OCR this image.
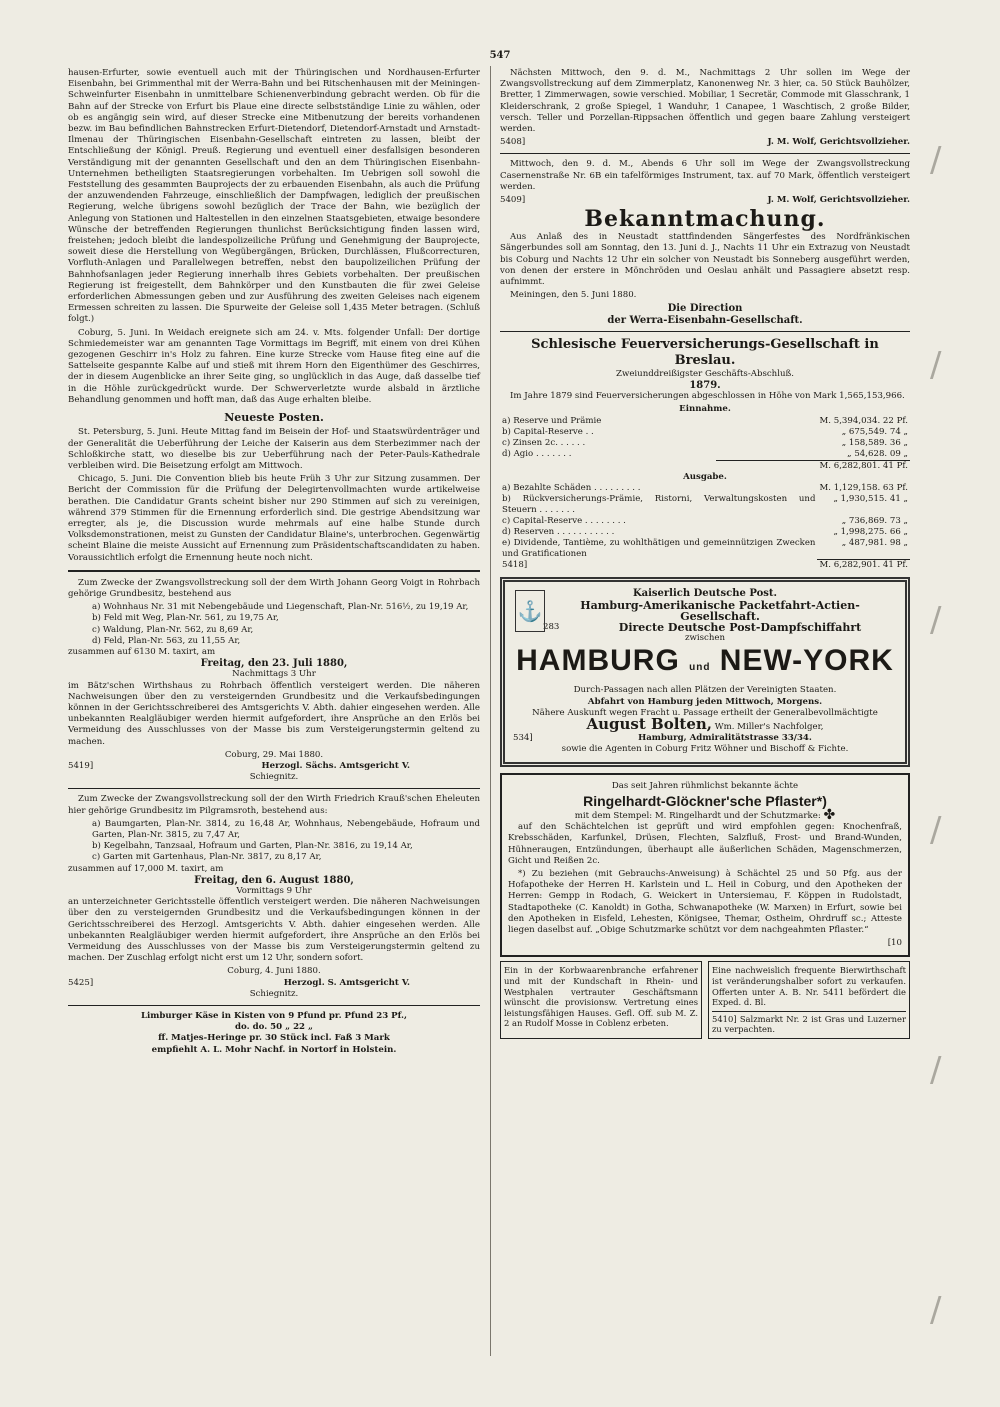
547

hausen-Erfurter, sowie eventuell auch mit der Thüringischen und Nordhausen-Erfurter Eisenbahn, bei Grimmenthal mit der Werra-Bahn und bei Ritschenhausen mit der Meiningen-Schweinfurter Eisenbahn in unmittelbare Schienenverbindung gebracht werden. Ob für die Bahn auf der Strecke von Erfurt bis Plaue eine directe selbstständige Linie zu wählen, oder ob es angängig sein wird, auf dieser Strecke eine Mitbenutzung der bereits vorhandenen bezw. im Bau befindlichen Bahnstrecken Erfurt-Dietendorf, Dietendorf-Arnstadt und Arnstadt-Ilmenau der Thüringischen Eisenbahn-Gesellschaft eintreten zu lassen, bleibt der Entschließung der Königl. Preuß. Regierung und eventuell einer desfallsigen besonderen Verständigung mit der genannten Gesellschaft und den an dem Thüringischen Eisenbahn-Unternehmen betheiligten Staatsregierungen vorbehalten. Im Uebrigen soll sowohl die Feststellung des gesammten Bauprojects der zu erbauenden Eisenbahn, als auch die Prüfung der anzuwendenden Fahrzeuge, einschließlich der Dampfwagen, lediglich der preußischen Regierung, welche übrigens sowohl bezüglich der Trace der Bahn, wie bezüglich der Anlegung von Stationen und Haltestellen in den einzelnen Staatsgebieten, etwaige besondere Wünsche der betreffenden Regierungen thunlichst Berücksichtigung finden lassen wird, freistehen; jedoch bleibt die landespolizeiliche Prüfung und Genehmigung der Bauprojecte, soweit diese die Herstellung von Wegübergängen, Brücken, Durchlässen, Flußcorrecturen, Vorfluth-Anlagen und Parallelwegen betreffen, nebst den baupolizeilichen Prüfung der Bahnhofsanlagen jeder Regierung innerhalb ihres Gebiets vorbehalten. Der preußischen Regierung ist freigestellt, dem Bahnkörper und den Kunstbauten die für zwei Geleise erforderlichen Abmessungen geben und zur Ausführung des zweiten Geleises nach eigenem Ermessen schreiten zu lassen. Die Spurweite der Geleise soll 1,435 Meter betragen. (Schluß folgt.)

Coburg, 5. Juni. In Weidach ereignete sich am 24. v. Mts. folgender Unfall: Der dortige Schmiedemeister war am genannten Tage Vormittags im Begriff, mit einem von drei Kühen gezogenen Geschirr in's Holz zu fahren. Eine kurze Strecke vom Hause fiteg eine auf die Sattelseite gespannte Kalbe auf und stieß mit ihrem Horn den Eigenthümer des Geschirres, der in diesem Augenblicke an ihrer Seite ging, so unglücklich in das Auge, daß dasselbe tief in die Höhle zurückgedrückt wurde. Der Schwerverletzte wurde alsbald in ärztliche Behandlung genommen und hofft man, daß das Auge erhalten bleibe.

Neueste Posten.

St. Petersburg, 5. Juni. Heute Mittag fand im Beisein der Hof- und Staatswürdenträger und der Generalität die Ueberführung der Leiche der Kaiserin aus dem Sterbezimmer nach der Schloßkirche statt, wo dieselbe bis zur Ueberführung nach der Peter-Pauls-Kathedrale verbleiben wird. Die Beisetzung erfolgt am Mittwoch.

Chicago, 5. Juni. Die Convention blieb bis heute Früh 3 Uhr zur Sitzung zusammen. Der Bericht der Commission für die Prüfung der Delegirtenvollmachten wurde artikelweise berathen. Die Candidatur Grants scheint bisher nur 290 Stimmen auf sich zu vereinigen, während 379 Stimmen für die Ernennung erforderlich sind. Die gestrige Abendsitzung war erregter, als je, die Discussion wurde mehrmals auf eine halbe Stunde durch Volksdemonstrationen, meist zu Gunsten der Candidatur Blaine's, unterbrochen. Gegenwärtig scheint Blaine die meiste Aussicht auf Ernennung zum Präsidentschaftscandidaten zu haben. Voraussichtlich erfolgt die Ernennung heute noch nicht.

Zum Zwecke der Zwangsvollstreckung soll der dem Wirth Johann Georg Voigt in Rohrbach gehörige Grundbesitz, bestehend aus

a) Wohnhaus Nr. 31 mit Nebengebäude und Liegenschaft, Plan-Nr. 516½, zu 19,19 Ar,
b) Feld mit Weg, Plan-Nr. 561, zu 19,75 Ar,
c) Waldung, Plan-Nr. 562, zu 8,69 Ar,
d) Feld, Plan-Nr. 563, zu 11,55 Ar,
zusammen auf 6130 M. taxirt, am
Freitag, den 23. Juli 1880,
Nachmittags 3 Uhr

im Bätz'schen Wirthshaus zu Rohrbach öffentlich versteigert werden. Die näheren Nachweisungen über den zu versteigernden Grundbesitz und die Verkaufsbedingungen können in der Gerichtsschreiberei des Amtsgerichts V. Abth. dahier eingesehen werden. Alle unbekannten Realgläubiger werden hiermit aufgefordert, ihre Ansprüche an den Erlös bei Vermeidung des Ausschlusses von der Masse bis zum Versteigerungstermin geltend zu machen.

Coburg, 29. Mai 1880.
5419]	Herzogl. Sächs. Amtsgericht V.
Schiegnitz.

Zum Zwecke der Zwangsvollstreckung soll der den Wirth Friedrich Krauß'schen Eheleuten hier gehörige Grundbesitz im Pilgramsroth, bestehend aus:

a) Baumgarten, Plan-Nr. 3814, zu 16,48 Ar, Wohnhaus, Nebengebäude, Hofraum und Garten, Plan-Nr. 3815, zu 7,47 Ar,
b) Kegelbahn, Tanzsaal, Hofraum und Garten, Plan-Nr. 3816, zu 19,14 Ar,
c) Garten mit Gartenhaus, Plan-Nr. 3817, zu 8,17 Ar,
zusammen auf 17,000 M. taxirt, am
Freitag, den 6. August 1880,
Vormittags 9 Uhr

an unterzeichneter Gerichtsstelle öffentlich versteigert werden. Die näheren Nachweisungen über den zu versteigernden Grundbesitz und die Verkaufsbedingungen können in der Gerichtsschreiberei des Herzogl. Amtsgerichts V. Abth. dahier eingesehen werden. Alle unbekannten Realgläubiger werden hiermit aufgefordert, ihre Ansprüche an den Erlös bei Vermeidung des Ausschlusses von der Masse bis zum Versteigerungstermin geltend zu machen. Der Zuschlag erfolgt nicht erst um 12 Uhr, sondern sofort.

Coburg, 4. Juni 1880.
5425]	Herzogl. S. Amtsgericht V.
Schiegnitz.
Limburger Käse in Kisten von 9 Pfund pr. Pfund 23 Pf.,
do. do. 50 „ 22 „
ff. Matjes-Heringe pr. 30 Stück incl. Faß 3 Mark
empfiehlt A. L. Mohr Nachf. in Nortorf in Holstein.

Nächsten Mittwoch, den 9. d. M., Nachmittags 2 Uhr sollen im Wege der Zwangsvollstreckung auf dem Zimmerplatz, Kanonenweg Nr. 3 hier, ca. 50 Stück Bauhölzer, Bretter, 1 Zimmerwagen, sowie verschied. Mobiliar, 1 Secretär, Commode mit Glasschrank, 1 Kleiderschrank, 2 große Spiegel, 1 Wanduhr, 1 Canapee, 1 Waschtisch, 2 große Bilder, versch. Teller und Porzellan-Rippsachen öffentlich und gegen baare Zahlung versteigert werden.

5408]	J. M. Wolf, Gerichtsvollzieher.

Mittwoch, den 9. d. M., Abends 6 Uhr soll im Wege der Zwangsvollstreckung Casernenstraße Nr. 6B ein tafelförmiges Instrument, tax. auf 70 Mark, öffentlich versteigert werden.

5409]	J. M. Wolf, Gerichtsvollzieher.
Bekanntmachung.

Aus Anlaß des in Neustadt stattfindenden Sängerfestes des Nordfränkischen Sängerbundes soll am Sonntag, den 13. Juni d. J., Nachts 11 Uhr ein Extrazug von Neustadt bis Coburg und Nachts 12 Uhr ein solcher von Neustadt bis Sonneberg ausgeführt werden, von denen der erstere in Mönchröden und Oeslau anhält und Passagiere absetzt resp. aufnimmt.

Meiningen, den 5. Juni 1880.
Die Direction
der Werra-Eisenbahn-Gesellschaft.
Schlesische Feuerversicherungs-Gesellschaft in Breslau.
Zweiunddreißigster Geschäfts-Abschluß.
1879.

Im Jahre 1879 sind Feuerversicherungen abgeschlossen in Höhe von Mark 1,565,153,966.

Einnahme.
a) Reserve und Prämie	M. 5,394,034. 22 Pf.
b) Capital-Reserve . .	„ 675,549. 74 „
c) Zinsen 2c. . . . . .	„ 158,589. 36 „
d) Agio . . . . . . .	„ 54,628. 09 „
	M. 6,282,801. 41 Pf.
Ausgabe.
a) Bezahlte Schäden . . . . . . . . .	M. 1,129,158. 63 Pf.
b) Rückversicherungs-Prämie, Ristorni, Verwaltungskosten und Steuern . . . . . . .	„ 1,930,515. 41 „
c) Capital-Reserve . . . . . . . .	„ 736,869. 73 „
d) Reserven . . . . . . . . . . .	„ 1,998,275. 66 „
e) Dividende, Tantième, zu wohlthätigen und gemeinnützigen Zwecken und Gratificationen	„ 487,981. 98 „
5418]	M. 6,282,901. 41 Pf.
⚓
Kaiserlich Deutsche Post.
Hamburg-Amerikanische Packetfahrt-Actien-Gesellschaft.
283	Directe Deutsche Post-Dampfschiffahrt
zwischen
HAMBURG und NEW-YORK
Durch-Passagen nach allen Plätzen der Vereinigten Staaten.
Abfahrt von Hamburg jeden Mittwoch, Morgens.
Nähere Auskunft wegen Fracht u. Passage ertheilt der Generalbevollmächtigte
August Bolten, Wm. Miller's Nachfolger,
534]	Hamburg, Admiralitätstrasse 33/34.
sowie die Agenten in Coburg Fritz Wöhner und Bischoff & Fichte.
Das seit Jahren rühmlichst bekannte ächte
Ringelhardt-Glöckner'sche Pflaster*)
mit dem Stempel: M. Ringelhardt und der Schutzmarke: ✤

auf den Schächtelchen ist geprüft und wird empfohlen gegen: Knochenfraß, Krebsschäden, Karfunkel, Drüsen, Flechten, Salzfluß, Frost- und Brand-Wunden, Hühneraugen, Entzündungen, überhaupt alle äußerlichen Schäden, Magenschmerzen, Gicht und Reißen 2c.

*) Zu beziehen (mit Gebrauchs-Anweisung) à Schächtel 25 und 50 Pfg. aus der Hofapotheke der Herren H. Karlstein und L. Heil in Coburg, und den Apotheken der Herren: Gempp in Rodach, G. Weickert in Untersiemau, F. Köppen in Rudolstadt, Stadtapotheke (C. Kanoldt) in Gotha, Schwanapotheke (W. Marxen) in Erfurt, sowie bei den Apotheken in Eisfeld, Lehesten, Königsee, Themar, Ostheim, Ohrdruff sc.; Atteste liegen daselbst auf. „Obige Schutzmarke schützt vor dem nachgeahmten Pflaster.“

[10
Ein in der Korbwaarenbranche erfahrener und mit der Kundschaft in Rhein- und Westphalen vertrauter Geschäftsmann wünscht die provisionsw. Vertretung eines leistungsfähigen Hauses. Gefl. Off. sub M. Z. 2 an Rudolf Mosse in Coblenz erbeten.
Eine nachweislich frequente Bierwirthschaft ist veränderungshalber sofort zu verkaufen. Offerten unter A. B. Nr. 5411 befördert die Exped. d. Bl.
5410] Salzmarkt Nr. 2 ist Gras und Luzerner zu verpachten.
/
/
/
/
/
/
